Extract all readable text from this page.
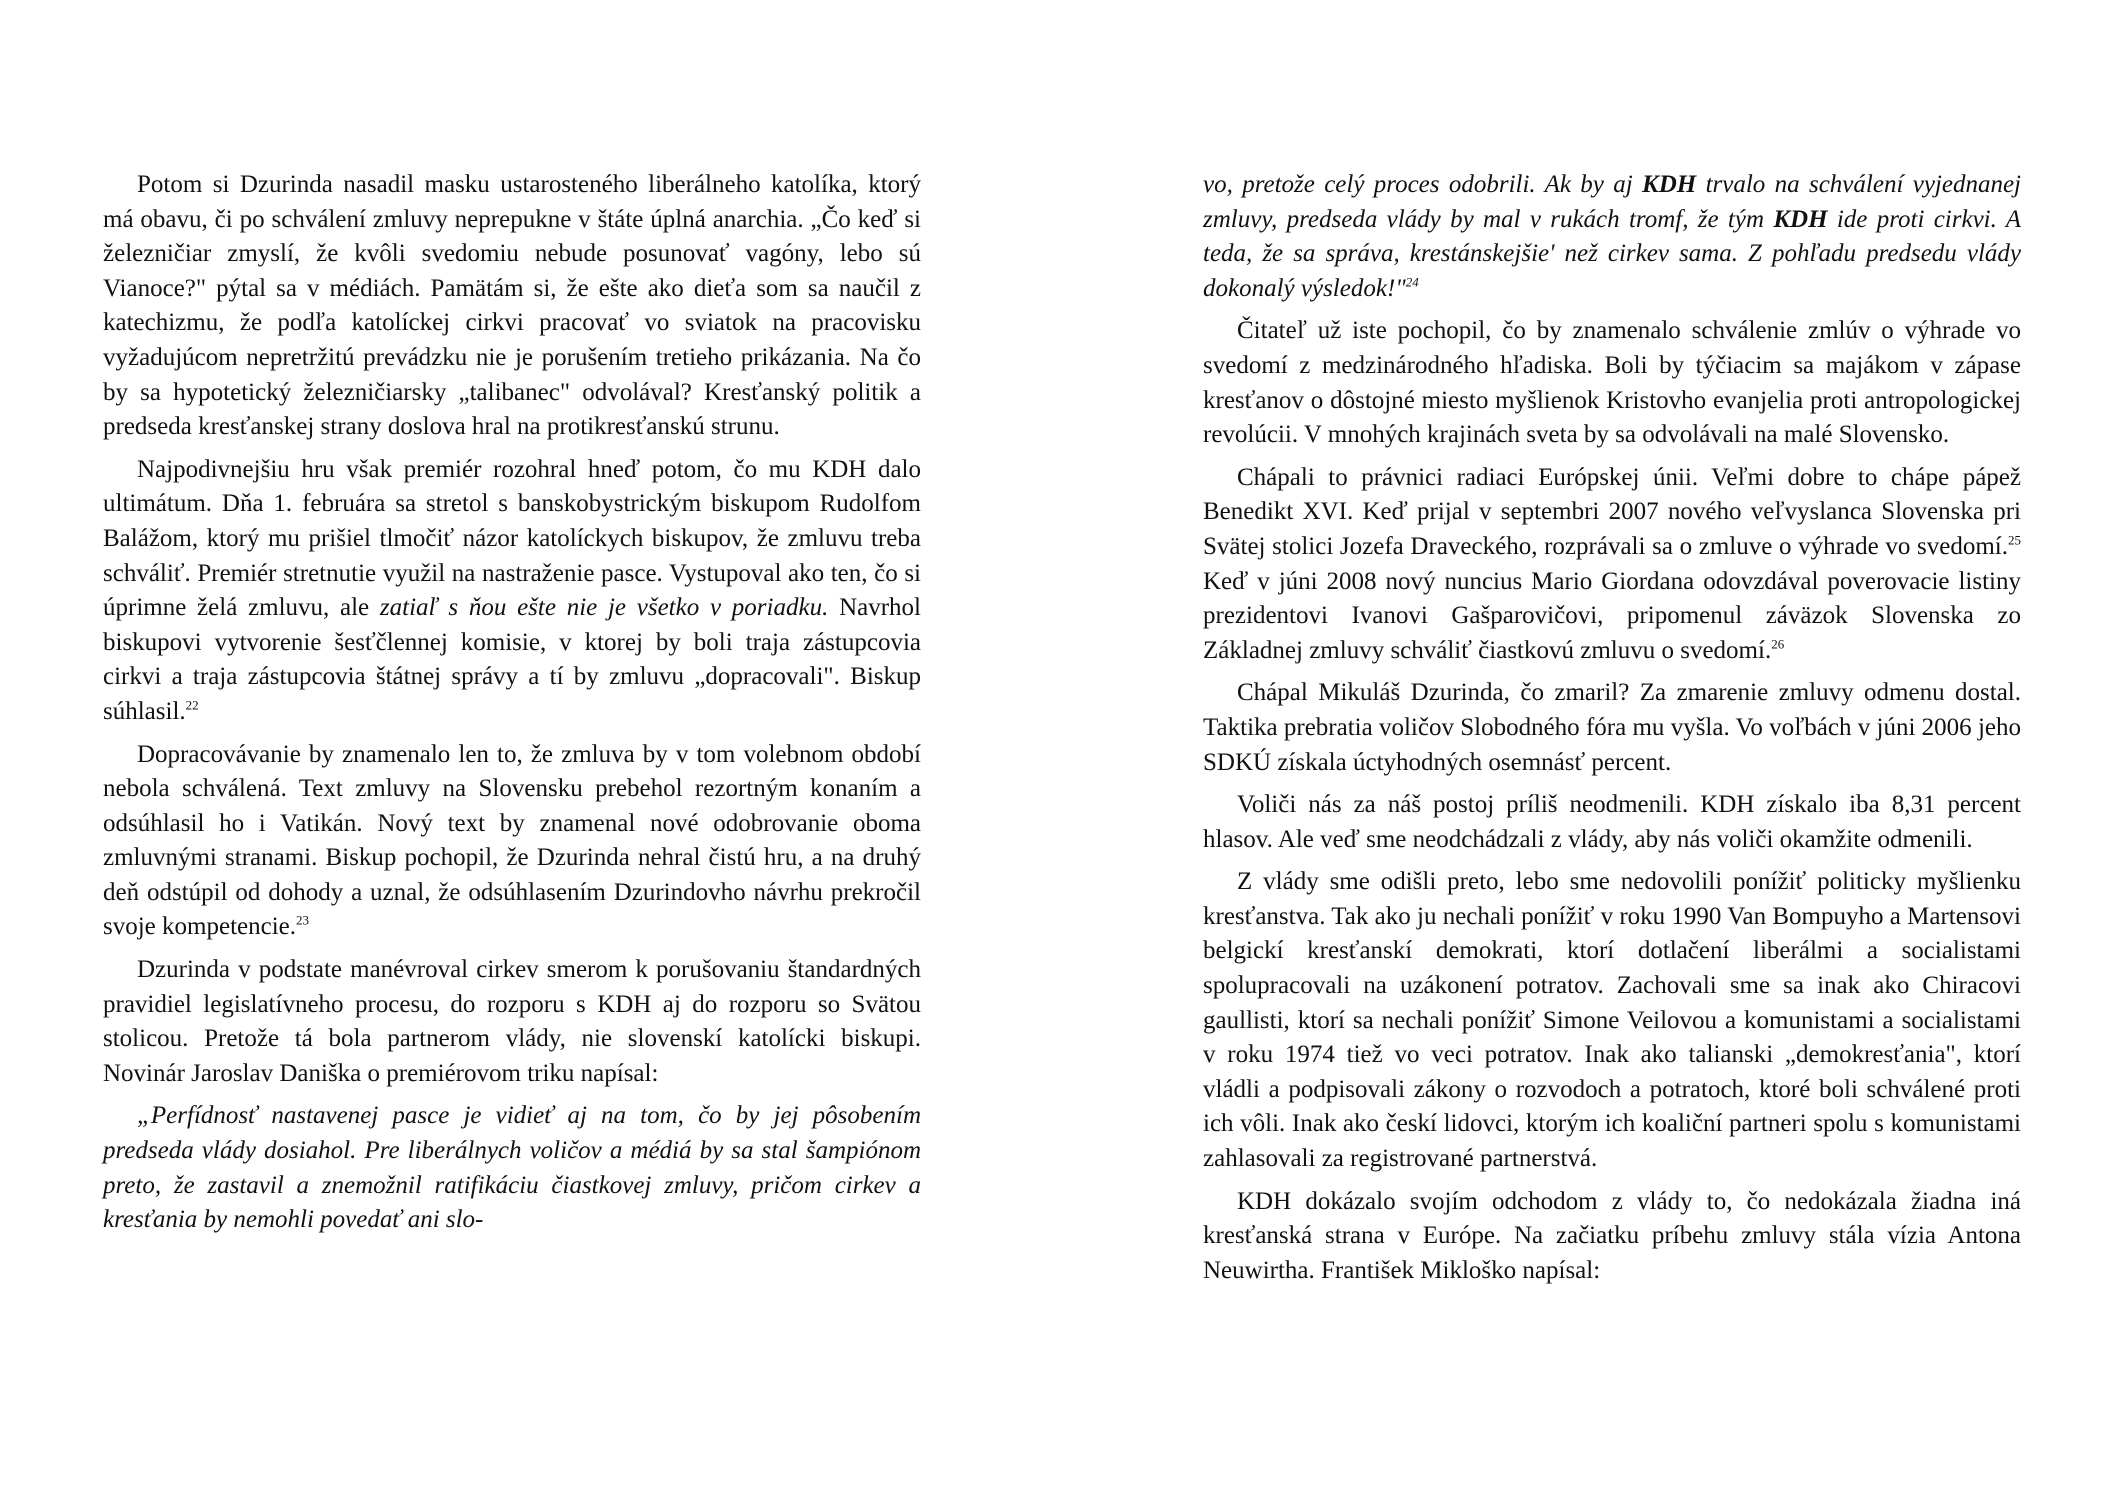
Potom si Dzurinda nasadil masku ustarosteného liberálneho katolíka, ktorý má obavu, či po schválení zmluvy neprepukne v štáte úplná anarchia. „Čo keď si železničiar zmyslí, že kvôli svedomiu nebude posunovať vagóny, lebo sú Vianoce?" pýtal sa v médiách. Pamätám si, že ešte ako dieťa som sa naučil z katechizmu, že podľa katolíckej cirkvi pracovať vo sviatok na pracovisku vyžadujúcom nepretržitú prevádzku nie je porušením tretieho prikázania. Na čo by sa hypotetický železničiarsky „talibanec" odvolával? Kresťanský politik a predseda kresťanskej strany doslova hral na protikresťanskú strunu.

Najpodivnejšiu hru však premiér rozohral hneď potom, čo mu KDH dalo ultimátum. Dňa 1. februára sa stretol s banskobystrickým biskupom Rudolfom Balážom, ktorý mu prišiel tlmočiť názor katolíckych biskupov, že zmluvu treba schváliť. Premiér stretnutie využil na nastraženie pasce. Vystupoval ako ten, čo si úprimne želá zmluvu, ale zatiaľ s ňou ešte nie je všetko v poriadku. Navrhol biskupovi vytvorenie šesťčlennej komisie, v ktorej by boli traja zástupcovia cirkvi a traja zástupcovia štátnej správy a tí by zmluvu „dopracovali". Biskup súhlasil.$^{22}$

Dopracovávanie by znamenalo len to, že zmluva by v tom volebnom období nebola schválená. Text zmluvy na Slovensku prebehol rezortným konaním a odsúhlasil ho i Vatikán. Nový text by znamenal nové odobrovanie oboma zmluvnými stranami. Biskup pochopil, že Dzurinda nehral čistú hru, a na druhý deň odstúpil od dohody a uznal, že odsúhlasením Dzurindovho návrhu prekročil svoje kompetencie.$^{23}$

Dzurinda v podstate manévroval cirkev smerom k porušovaniu štandardných pravidiel legislatívneho procesu, do rozporu s KDH aj do rozporu so Svätou stolicou. Pretože tá bola partnerom vlády, nie slovenskí katolícki biskupi. Novinár Jaroslav Daniška o premiérovom triku napísal:

„Perfídnosť nastavenej pasce je vidieť aj na tom, čo by jej pôsobením predseda vlády dosiahol. Pre liberálnych voličov a médiá by sa stal šampiónom preto, že zastavil a znemožnil ratifikáciu čiastkovej zmluvy, pričom cirkev a kresťania by nemohli povedať ani slo-

vo, pretože celý proces odobrili. Ak by aj KDH trvalo na schválení vyjednanej zmluvy, predseda vlády by mal v rukách tromf, že tým KDH ide proti cirkvi. A teda, že sa správa, krestánskejšie' než cirkev sama. Z pohľadu predsedu vlády dokonalý výsledok!"$^{24}$

Čitateľ už iste pochopil, čo by znamenalo schválenie zmlúv o výhrade vo svedomí z medzinárodného hľadiska. Boli by týčiacim sa majákom v zápase kresťanov o dôstojné miesto myšlienok Kristovho evanjelia proti antropologickej revolúcii. V mnohých krajinách sveta by sa odvolávali na malé Slovensko.

Chápali to právnici radiaci Európskej únii. Veľmi dobre to chápe pápež Benedikt XVI. Keď prijal v septembri 2007 nového veľvyslanca Slovenska pri Svätej stolici Jozefa Draveckého, rozprávali sa o zmluve o výhrade vo svedomí.$^{25}$ Keď v júni 2008 nový nuncius Mario Giordana odovzdával poverovacie listiny prezidentovi Ivanovi Gašparovičovi, pripomenul záväzok Slovenska zo Základnej zmluvy schváliť čiastkovú zmluvu o svedomí.$^{26}$

Chápal Mikuláš Dzurinda, čo zmaril? Za zmarenie zmluvy odmenu dostal. Taktika prebratia voličov Slobodného fóra mu vyšla. Vo voľbách v júni 2006 jeho SDKÚ získala úctyhodných osemnásť percent.

Voliči nás za náš postoj príliš neodmenili. KDH získalo iba 8,31 percent hlasov. Ale veď sme neodchádzali z vlády, aby nás voliči okamžite odmenili.

Z vlády sme odišli preto, lebo sme nedovolili ponížiť politicky myšlienku kresťanstva. Tak ako ju nechali ponížiť v roku 1990 Van Bompuyho a Martensovi belgickí kresťanskí demokrati, ktorí dotlačení liberálmi a socialistami spolupracovali na uzákonení potratov. Zachovali sme sa inak ako Chiracovi gaullisti, ktorí sa nechali ponížiť Simone Veilovou a komunistami a socialistami v roku 1974 tiež vo veci potratov. Inak ako talianski „demokresťania", ktorí vládli a podpisovali zákony o rozvodoch a potratoch, ktoré boli schválené proti ich vôli. Inak ako českí lidovci, ktorým ich koaliční partneri spolu s komunistami zahlasovali za registrované partnerstvá.

KDH dokázalo svojím odchodom z vlády to, čo nedokázala žiadna iná kresťanská strana v Európe. Na začiatku príbehu zmluvy stála vízia Antona Neuwirtha. František Mikloško napísal:
